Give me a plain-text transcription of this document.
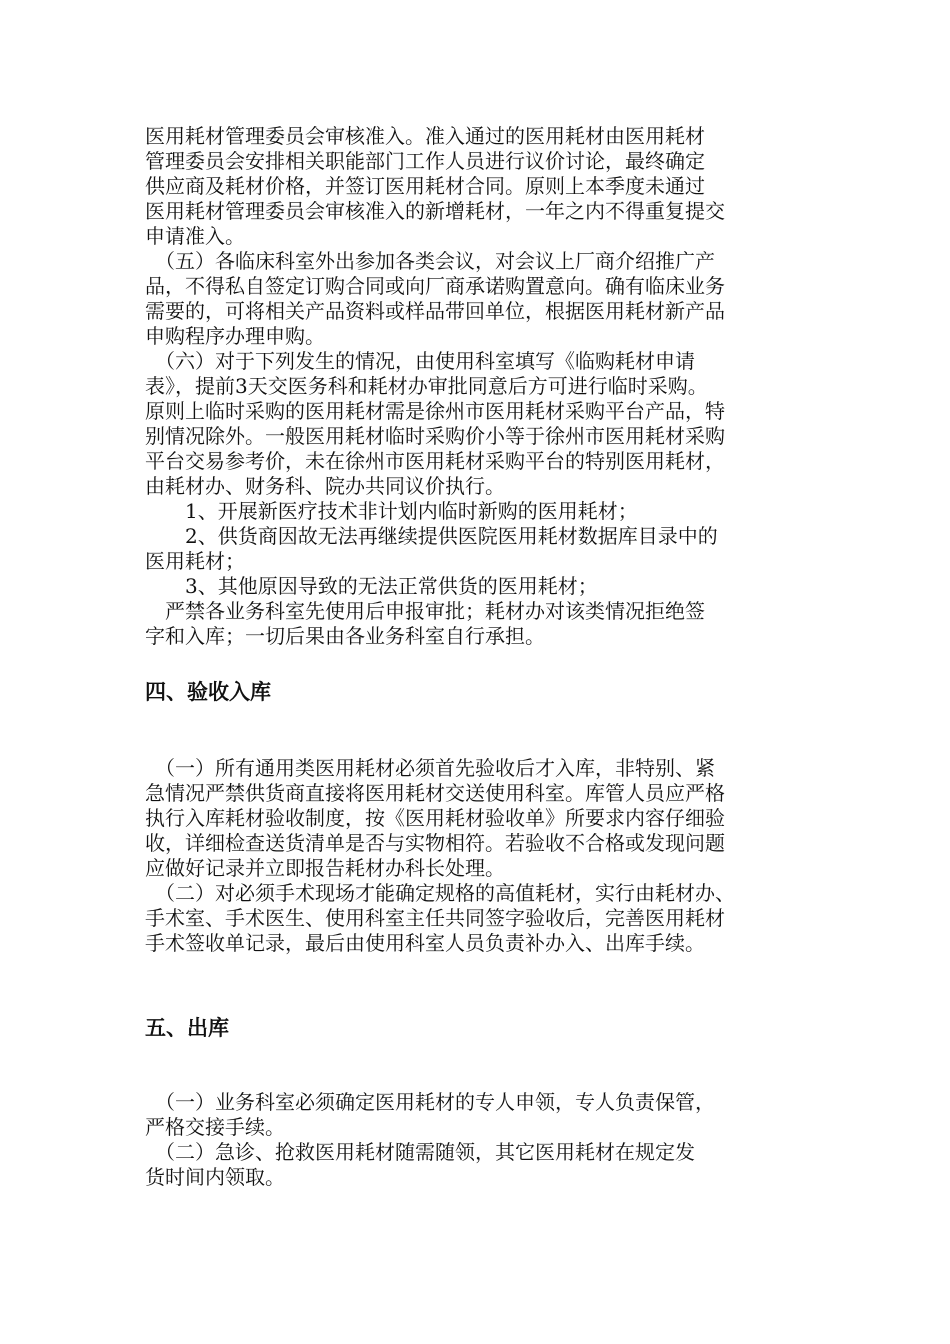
医用耗材管理委员会审核准入。准入通过的医用耗材由医用耗材
管理委员会安排相关职能部门工作人员进行议价讨论，最终确定
供应商及耗材价格，并签订医用耗材合同。原则上本季度未通过
医用耗材管理委员会审核准入的新增耗材，一年之内不得重复提交
申请准入。
　（五）各临床科室外出参加各类会议，对会议上厂商介绍推广产
品，不得私自签定订购合同或向厂商承诺购置意向。确有临床业务
需要的，可将相关产品资料或样品带回单位，根据医用耗材新产品
申购程序办理申购。
　（六）对于下列发生的情况，由使用科室填写《临购耗材申请
表》，提前3天交医务科和耗材办审批同意后方可进行临时采购。
原则上临时采购的医用耗材需是徐州市医用耗材采购平台产品，特
别情况除外。一般医用耗材临时采购价小等于徐州市医用耗材采购
平台交易参考价，未在徐州市医用耗材采购平台的特别医用耗材，
由耗材办、财务科、院办共同议价执行。
　　1、开展新医疗技术非计划内临时新购的医用耗材；
　　2、供货商因故无法再继续提供医院医用耗材数据库目录中的
医用耗材；
　　3、其他原因导致的无法正常供货的医用耗材；
　严禁各业务科室先使用后申报审批；耗材办对该类情况拒绝签
字和入库；一切后果由各业务科室自行承担。
四、验收入库
　（一）所有通用类医用耗材必须首先验收后才入库，非特别、紧
急情况严禁供货商直接将医用耗材交送使用科室。库管人员应严格
执行入库耗材验收制度，按《医用耗材验收单》所要求内容仔细验
收，详细检查送货清单是否与实物相符。若验收不合格或发现问题
应做好记录并立即报告耗材办科长处理。
　（二）对必须手术现场才能确定规格的高值耗材，实行由耗材办、
手术室、手术医生、使用科室主任共同签字验收后，完善医用耗材
手术签收单记录，最后由使用科室人员负责补办入、出库手续。
五、出库
　（一）业务科室必须确定医用耗材的专人申领，专人负责保管，
严格交接手续。
　（二）急诊、抢救医用耗材随需随领，其它医用耗材在规定发
货时间内领取。
